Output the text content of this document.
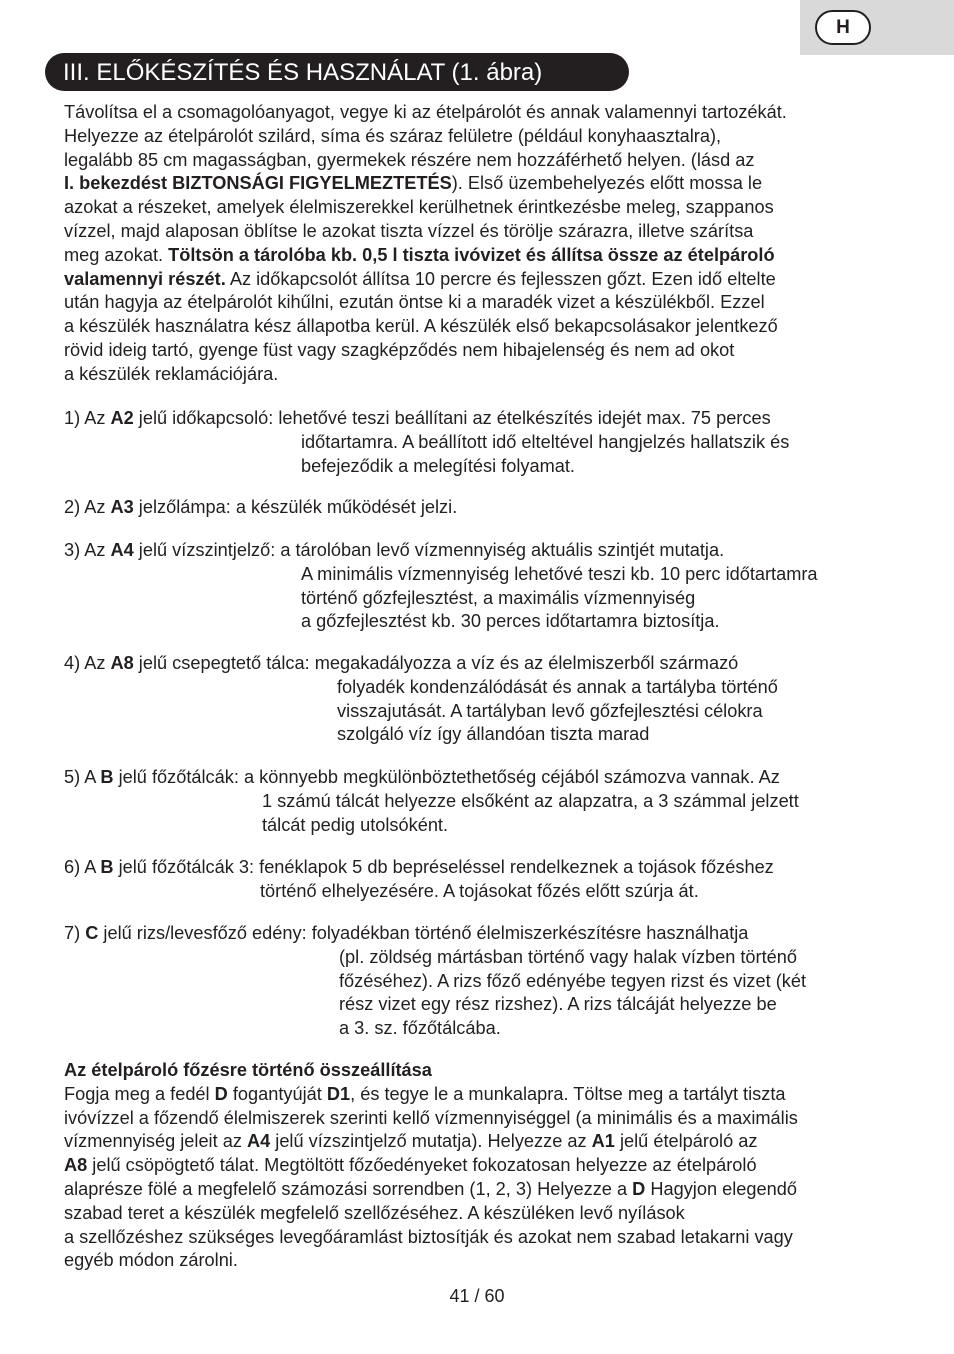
H
III. ELŐKÉSZÍTÉS ÉS HASZNÁLAT (1. ábra)
Távolítsa el a csomagolóanyagot, vegye ki az ételpárolót és annak valamennyi tartozékát.
Helyezze az ételpárolót szilárd, síma és száraz felületre (például konyhaasztalra),
legalább 85 cm magasságban, gyermekek részére nem hozzáférhető helyen. (lásd az
I. bekezdést BIZTONSÁGI FIGYELMEZTETÉS). Első üzembehelyezés előtt mossa le
azokat a részeket, amelyek élelmiszerekkel kerülhetnek érintkezésbe meleg, szappanos
vízzel, majd alaposan öblítse le azokat tiszta vízzel és törölje szárazra, illetve szárítsa
meg azokat. Töltsön a tárolóba kb. 0,5 l tiszta ivóvizet és állítsa össze az ételpároló
valamennyi részét. Az időkapcsolót állítsa 10 percre és fejlesszen gőzt. Ezen idő eltelte
után hagyja az ételpárolót kihűlni, ezután öntse ki a maradék vizet a készülékből. Ezzel
a készülék használatra kész állapotba kerül. A készülék első bekapcsolásakor jelentkező
rövid ideig tartó, gyenge füst vagy szagképződés nem hibajelenség és nem ad okot
a készülék reklamációjára.
1) Az A2 jelű időkapcsoló: lehetővé teszi beállítani az ételkészítés idejét max. 75 perces
időtartamra. A beállított idő elteltével hangjelzés hallatszik és
befejeződik a melegítési folyamat.
2) Az A3 jelzőlámpa: a készülék működését jelzi.
3) Az A4 jelű vízszintjelző: a tárolóban levő vízmennyiség aktuális szintjét mutatja.
A minimális vízmennyiség lehetővé teszi kb. 10 perc időtartamra
történő gőzfejlesztést, a maximális vízmennyiség
a gőzfejlesztést kb. 30 perces időtartamra biztosítja.
4) Az A8 jelű csepegtető tálca: megakadályozza a víz és az élelmiszerből származó
folyadék kondenzálódását és annak a tartályba történő
visszajutását. A tartályban levő gőzfejlesztési célokra
szolgáló víz így állandóan tiszta marad
5) A B jelű főzőtálcák: a könnyebb megkülönböztethetőség céjából számozva vannak. Az
1 számú tálcát helyezze elsőként az alapzatra, a 3 számmal jelzett
tálcát pedig utolsóként.
6) A B jelű főzőtálcák 3: fenéklapok 5 db bepréseléssel rendelkeznek a tojások főzéshez
történő elhelyezésére. A tojásokat főzés előtt szúrja át.
7) C jelű rizs/levesfőző edény: folyadékban történő élelmiszerkészítésre használhatja
(pl. zöldség mártásban történő vagy halak vízben történő
főzéséhez). A rizs főző edényébe tegyen rizst és vizet (két
rész vizet egy rész rizshez). A rizs tálcáját helyezze be
a 3. sz. főzőtálcába.
Az ételpároló főzésre történő összeállítása
Fogja meg a fedél D fogantyúját D1, és tegye le a munkalapra. Töltse meg a tartályt tiszta
ivóvízzel a főzendő élelmiszerek szerinti kellő vízmennyiséggel (a minimális és a maximális
vízmennyiség jeleit az A4 jelű vízszintjelző mutatja). Helyezze az A1 jelű ételpároló az
A8 jelű csöpögtető tálat. Megtöltött főzőedényeket fokozatosan helyezze az ételpároló
alaprésze fölé a megfelelő számozási sorrendben (1, 2, 3) Helyezze a D Hagyjon elegendő
szabad teret a készülék megfelelő szellőzéséhez. A készüléken levő nyílások
a szellőzéshez szükséges levegőáramlást biztosítják és azokat nem szabad letakarni vagy
egyéb módon zárolni.
41 / 60
